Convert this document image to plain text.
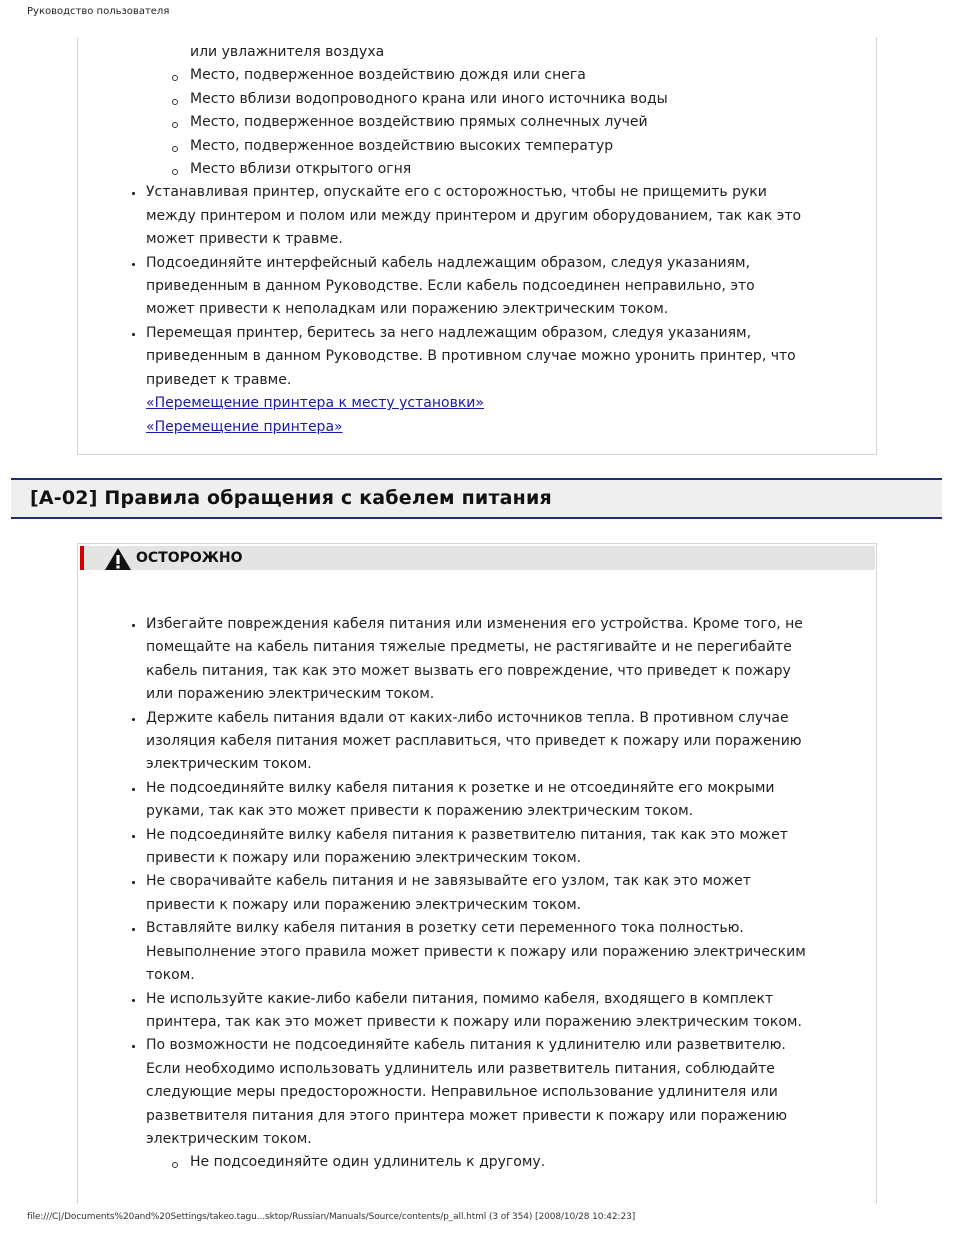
Руководство пользователя
или увлажнителя воздуха
Место, подверженное воздействию дождя или снега
Место вблизи водопроводного крана или иного источника воды
Место, подверженное воздействию прямых солнечных лучей
Место, подверженное воздействию высоких температур
Место вблизи открытого огня
Устанавливая принтер, опускайте его с осторожностью, чтобы не прищемить руки между принтером и полом или между принтером и другим оборудованием, так как это может привести к травме.
Подсоединяйте интерфейсный кабель надлежащим образом, следуя указаниям, приведенным в данном Руководстве. Если кабель подсоединен неправильно, это может привести к неполадкам или поражению электрическим током.
Перемещая принтер, беритесь за него надлежащим образом, следуя указаниям, приведенным в данном Руководстве. В противном случае можно уронить принтер, что приведет к травме.
«Перемещение принтера к месту установки»
«Перемещение принтера»
[A-02] Правила обращения с кабелем питания
ОСТОРОЖНО
Избегайте повреждения кабеля питания или изменения его устройства. Кроме того, не помещайте на кабель питания тяжелые предметы, не растягивайте и не перегибайте кабель питания, так как это может вызвать его повреждение, что приведет к пожару или поражению электрическим током.
Держите кабель питания вдали от каких-либо источников тепла. В противном случае изоляция кабеля питания может расплавиться, что приведет к пожару или поражению электрическим током.
Не подсоединяйте вилку кабеля питания к розетке и не отсоединяйте его мокрыми руками, так как это может привести к поражению электрическим током.
Не подсоединяйте вилку кабеля питания к разветвителю питания, так как это может привести к пожару или поражению электрическим током.
Не сворачивайте кабель питания и не завязывайте его узлом, так как это может привести к пожару или поражению электрическим током.
Вставляйте вилку кабеля питания в розетку сети переменного тока полностью. Невыполнение этого правила может привести к пожару или поражению электрическим током.
Не используйте какие-либо кабели питания, помимо кабеля, входящего в комплект принтера, так как это может привести к пожару или поражению электрическим током.
По возможности не подсоединяйте кабель питания к удлинителю или разветвителю. Если необходимо использовать удлинитель или разветвитель питания, соблюдайте следующие меры предосторожности. Неправильное использование удлинителя или разветвителя питания для этого принтера может привести к пожару или поражению электрическим током.
Не подсоединяйте один удлинитель к другому.
file:///C|/Documents%20and%20Settings/takeo.tagu...sktop/Russian/Manuals/Source/contents/p_all.html (3 of 354) [2008/10/28 10:42:23]
